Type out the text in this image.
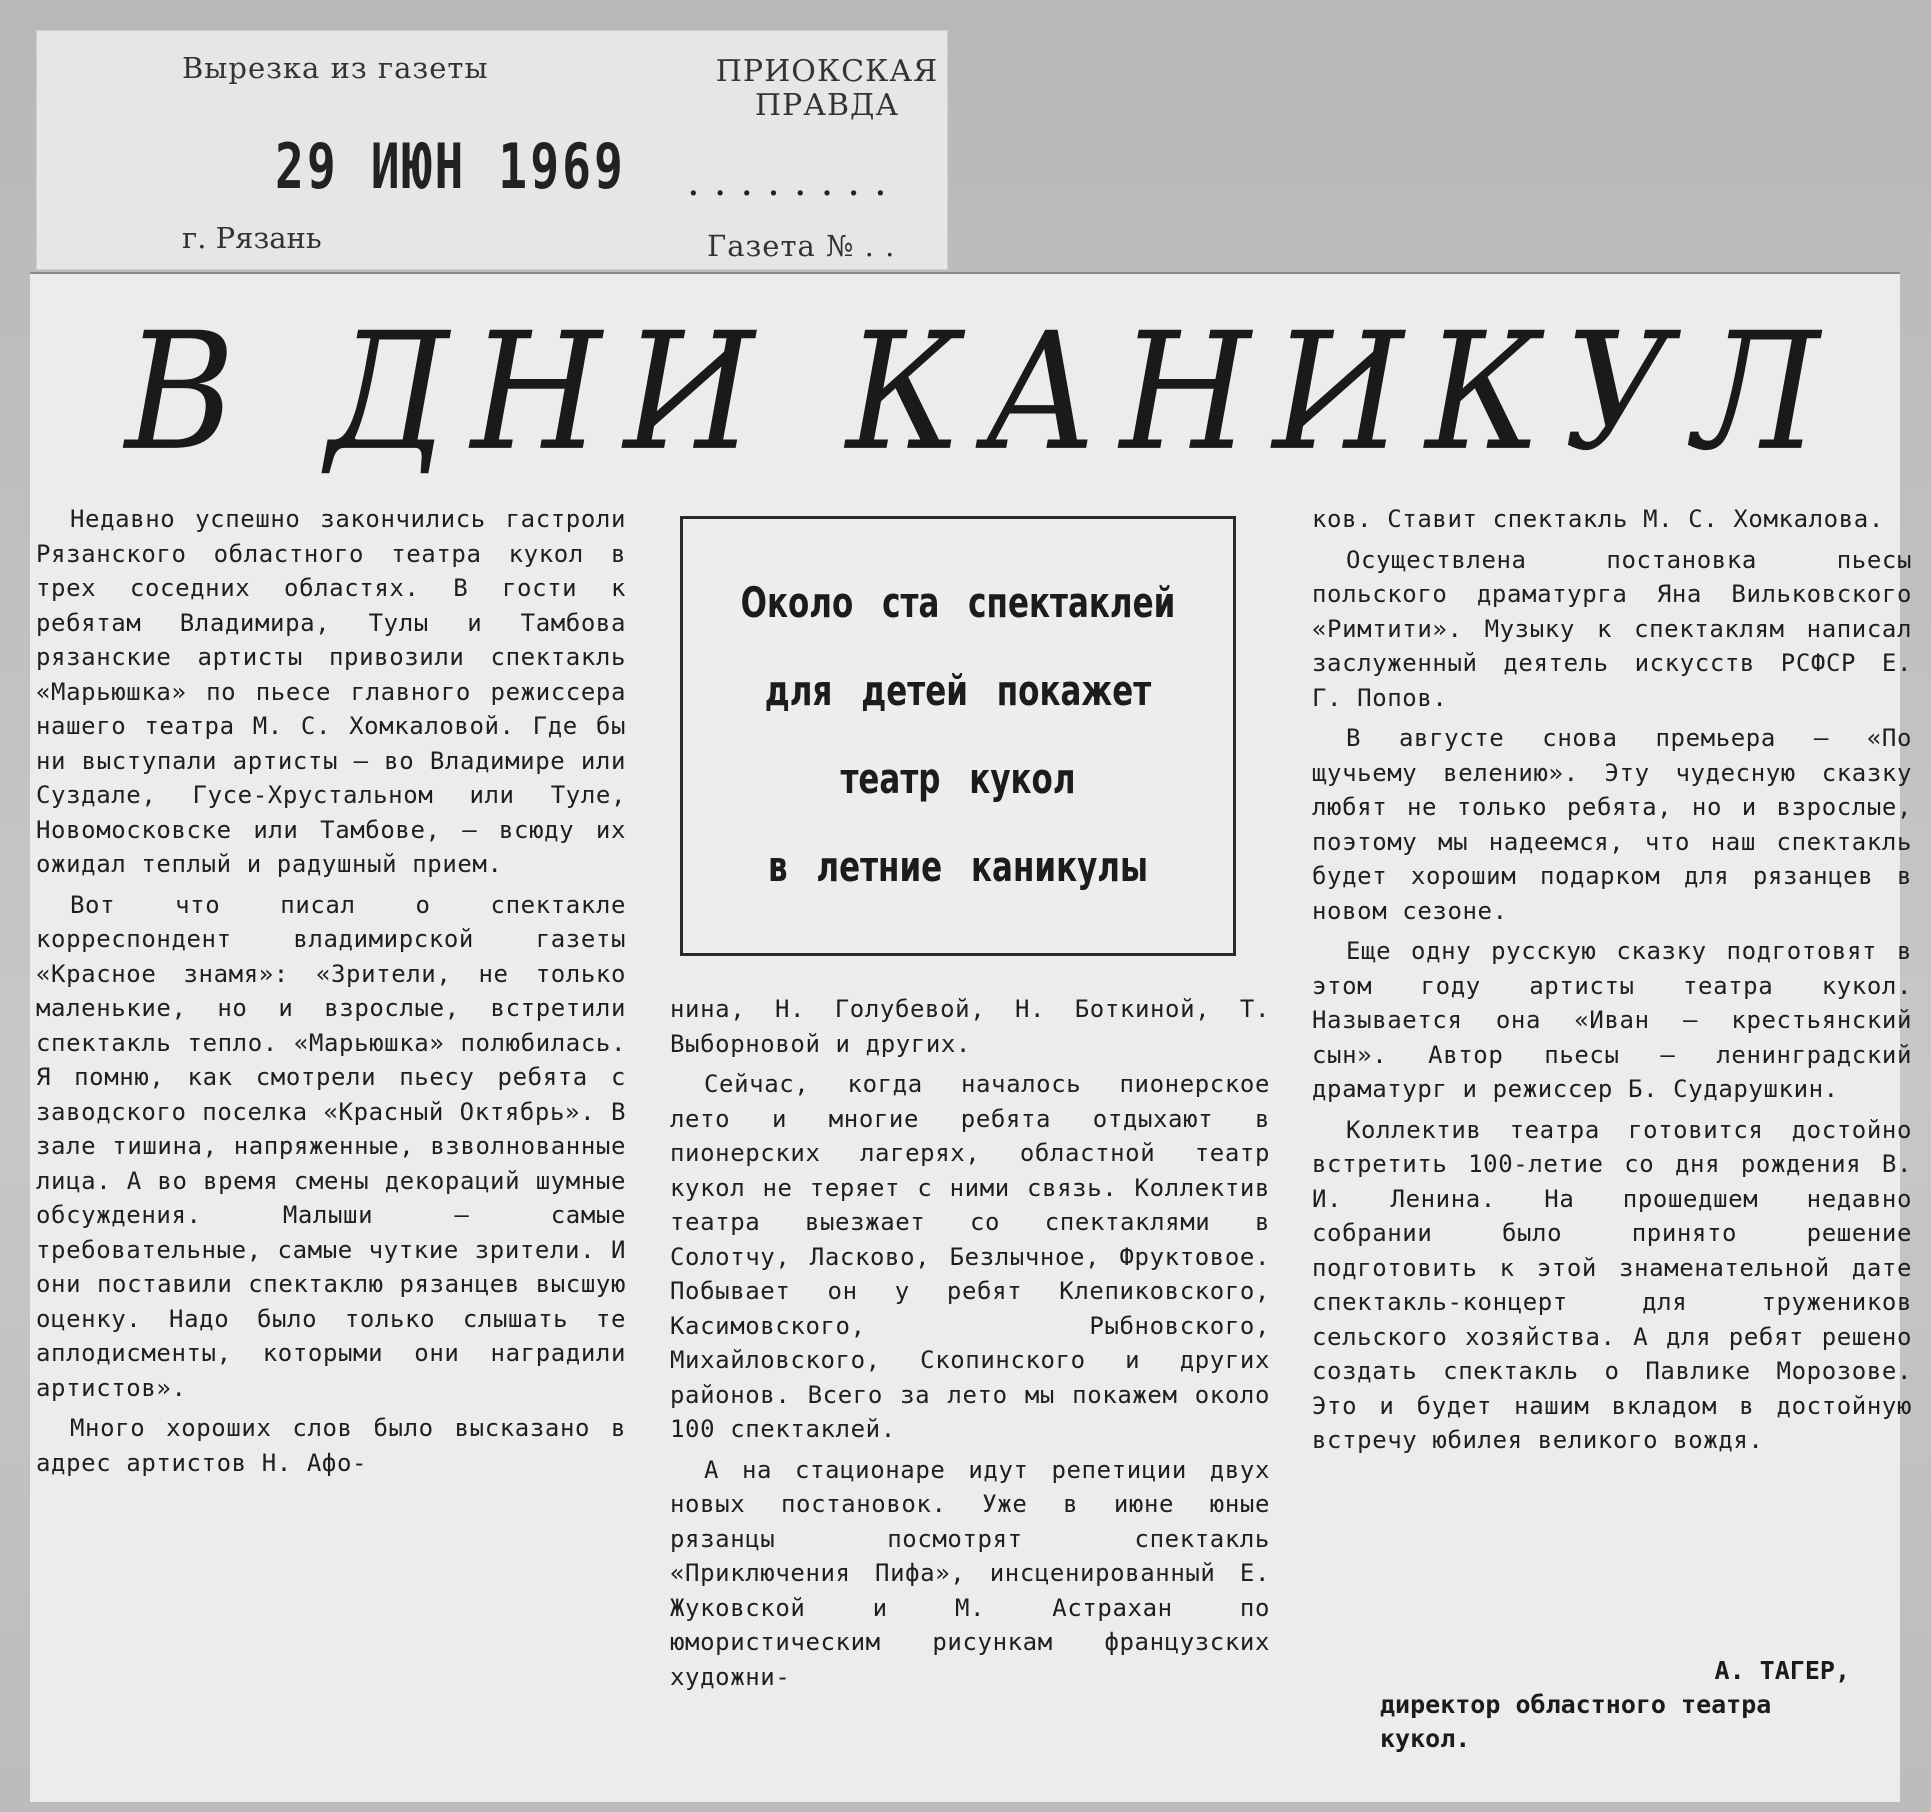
Вырезка из газеты	ПРИОКСКАЯ
ПРАВДА
29 ИЮН 1969 ........
г. Рязань	Газета № . .
В ДНИ КАНИКУЛ

Недавно успешно закончились гастроли Рязанского областного театра кукол в трех соседних областях. В гости к ребятам Владимира, Тулы и Тамбова рязанские артисты привозили спектакль «Марьюшка» по пьесе главного режиссера нашего театра М. С. Хомкаловой. Где бы ни выступали артисты — во Владимире или Суздале, Гусе-Хрустальном или Туле, Новомосковске или Тамбове, — всюду их ожидал теплый и радушный прием.

Вот что писал о спектакле корреспондент владимирской газеты «Красное знамя»: «Зрители, не только маленькие, но и взрослые, встретили спектакль тепло. «Марьюшка» полюбилась. Я помню, как смотрели пьесу ребята с заводского поселка «Красный Октябрь». В зале тишина, напряженные, взволнованные лица. А во время смены декораций шумные обсуждения. Малыши — самые требовательные, самые чуткие зрители. И они поставили спектаклю рязанцев высшую оценку. Надо было только слышать те аплодисменты, которыми они наградили артистов».

Много хороших слов было высказано в адрес артистов Н. Афо-

Около ста спектаклей
для детей покажет
театр кукол
в летние каникулы

нина, Н. Голубевой, Н. Боткиной, Т. Выборновой и других.

Сейчас, когда началось пионерское лето и многие ребята отдыхают в пионерских лагерях, областной театр кукол не теряет с ними связь. Коллектив театра выезжает со спектаклями в Солотчу, Ласково, Безлычное, Фруктовое. Побывает он у ребят Клепиковского, Касимовского, Рыбновского, Михайловского, Скопинского и других районов. Всего за лето мы покажем около 100 спектаклей.

А на стационаре идут репетиции двух новых постановок. Уже в июне юные рязанцы посмотрят спектакль «Приключения Пифа», инсценированный Е. Жуковской и М. Астрахан по юмористическим рисункам французских художни-

ков. Ставит спектакль М. С. Хомкалова.

Осуществлена постановка пьесы польского драматурга Яна Вильковского «Римтити». Музыку к спектаклям написал заслуженный деятель искусств РСФСР Е. Г. Попов.

В августе снова премьера — «По щучьему велению». Эту чудесную сказку любят не только ребята, но и взрослые, поэтому мы надеемся, что наш спектакль будет хорошим подарком для рязанцев в новом сезоне.

Еще одну русскую сказку подготовят в этом году артисты театра кукол. Называется она «Иван — крестьянский сын». Автор пьесы — ленинградский драматург и режиссер Б. Сударушкин.

Коллектив театра готовится достойно встретить 100-летие со дня рождения В. И. Ленина. На прошедшем недавно собрании было принято решение подготовить к этой знаменательной дате спектакль-концерт для тружеников сельского хозяйства. А для ребят решено создать спектакль о Павлике Морозове. Это и будет нашим вкладом в достойную встречу юбилея великого вождя.

А. ТАГЕР,
директор областного театра
кукол.
